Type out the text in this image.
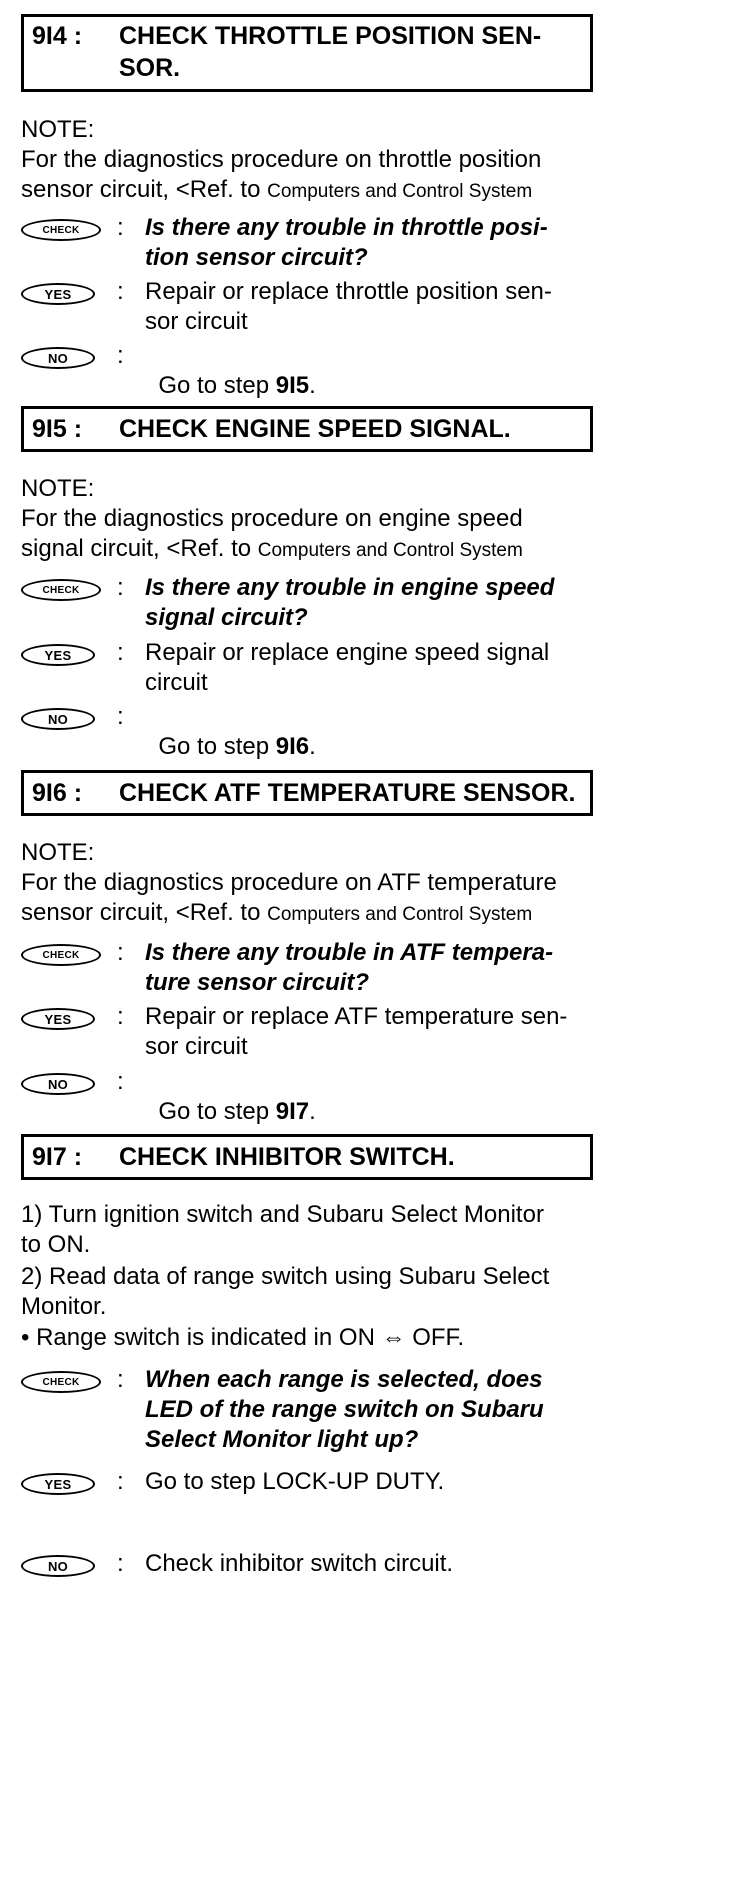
9I4 : CHECK THROTTLE POSITION SEN-
SOR.
NOTE:
For the diagnostics procedure on throttle position
sensor circuit, <Ref. to Computers and Control System
CHECK	: Is there any trouble in throttle posi-
tion sensor circuit?
YES	: Repair or replace throttle position sen-
sor circuit
NO	:

Go to step 9I5.

9I5 : CHECK ENGINE SPEED SIGNAL.
NOTE:
For the diagnostics procedure on engine speed
signal circuit, <Ref. to Computers and Control System
CHECK	: Is there any trouble in engine speed
signal circuit?
YES	: Repair or replace engine speed signal
circuit
NO	:

Go to step 9I6.

9I6 : CHECK ATF TEMPERATURE SENSOR.
NOTE:
For the diagnostics procedure on ATF temperature
sensor circuit, <Ref. to Computers and Control System
CHECK	: Is there any trouble in ATF tempera-
ture sensor circuit?
YES	: Repair or replace ATF temperature sen-
sor circuit
NO	:

Go to step 9I7.

9I7 : CHECK INHIBITOR SWITCH.
1) Turn ignition switch and Subaru Select Monitor
to ON.
2) Read data of range switch using Subaru Select
Monitor.
• Range switch is indicated in ON ⇔ OFF.
CHECK	: When each range is selected, does
LED of the range switch on Subaru
Select Monitor light up?
YES	: Go to step LOCK-UP DUTY.
NO	: Check inhibitor switch circuit.
